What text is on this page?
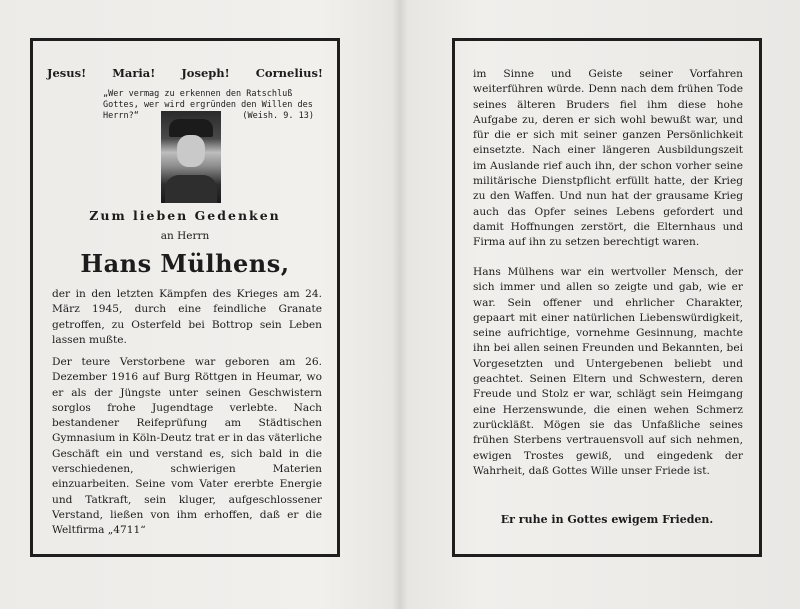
Jesus! Maria! Joseph! Cornelius!
„Wer vermag zu erkennen den Ratschluß Gottes, wer wird ergründen den Willen des Herrn?“	(Weish. 9. 13)
Zum lieben Gedenken
an Herrn
Hans Mülhens,
der in den letzten Kämpfen des Krieges am 24. März 1945, durch eine feindliche Granate getroffen, zu Osterfeld bei Bottrop sein Leben lassen mußte.
Der teure Verstorbene war geboren am 26. Dezember 1916 auf Burg Röttgen in Heumar, wo er als der Jüngste unter seinen Geschwistern sorglos frohe Jugendtage verlebte. Nach bestandener Reifeprüfung am Städtischen Gymnasium in Köln-Deutz trat er in das väterliche Geschäft ein und verstand es, sich bald in die verschiedenen, schwierigen Materien einzuarbeiten. Seine vom Vater ererbte Energie und Tatkraft, sein kluger, aufgeschlossener Verstand, ließen von ihm erhoffen, daß er die Weltfirma „4711“
im Sinne und Geiste seiner Vorfahren weiterführen würde. Denn nach dem frühen Tode seines älteren Bruders fiel ihm diese hohe Aufgabe zu, deren er sich wohl bewußt war, und für die er sich mit seiner ganzen Persönlichkeit einsetzte. Nach einer längeren Ausbildungszeit im Auslande rief auch ihn, der schon vorher seine militärische Dienstpflicht erfüllt hatte, der Krieg zu den Waffen. Und nun hat der grausame Krieg auch das Opfer seines Lebens gefordert und damit Hoffnungen zerstört, die Elternhaus und Firma auf ihn zu setzen berechtigt waren.
Hans Mülhens war ein wertvoller Mensch, der sich immer und allen so zeigte und gab, wie er war. Sein offener und ehrlicher Charakter, gepaart mit einer natürlichen Liebenswürdigkeit, seine aufrichtige, vornehme Gesinnung, machte ihn bei allen seinen Freunden und Bekannten, bei Vorgesetzten und Untergebenen beliebt und geachtet. Seinen Eltern und Schwestern, deren Freude und Stolz er war, schlägt sein Heimgang eine Herzenswunde, die einen wehen Schmerz zurückläßt. Mögen sie das Unfaßliche seines frühen Sterbens vertrauensvoll auf sich nehmen, ewigen Trostes gewiß, und eingedenk der Wahrheit, daß Gottes Wille unser Friede ist.
Er ruhe in Gottes ewigem Frieden.
